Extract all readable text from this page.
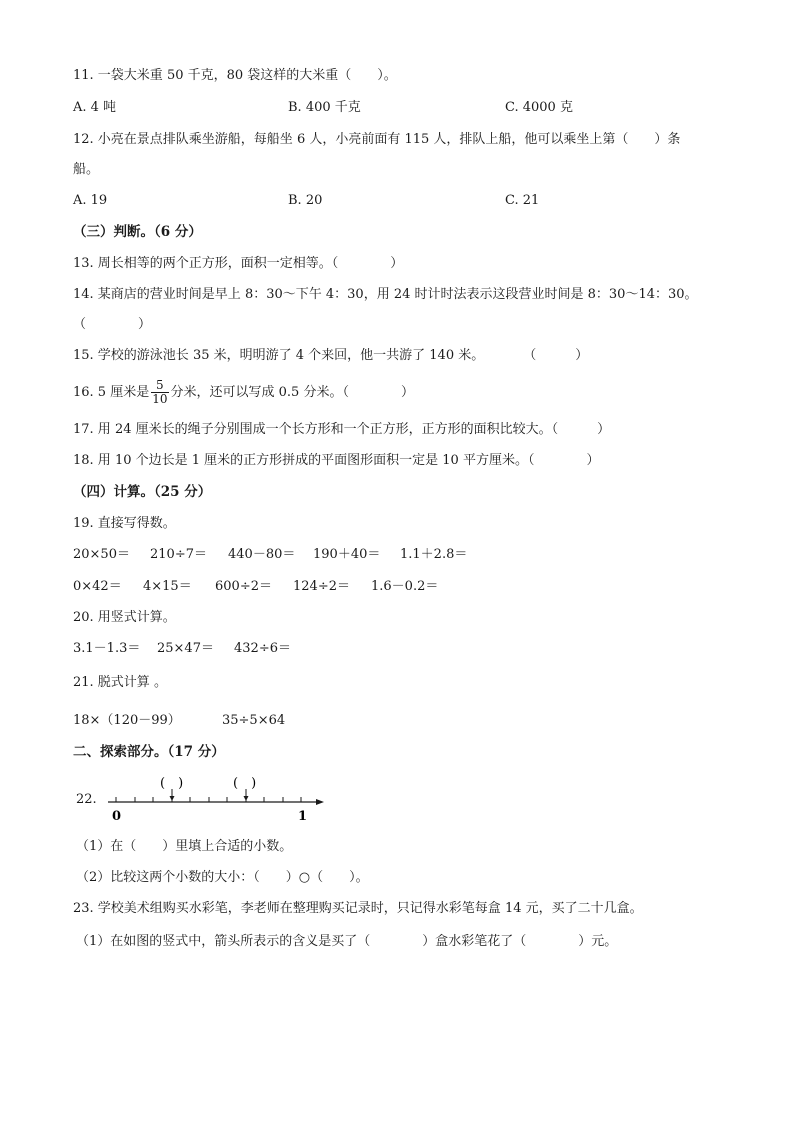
11. 一袋大米重 50 千克，80 袋这样的大米重（　　）。
A. 4 吨	B. 400 千克	C. 4000 克
12. 小亮在景点排队乘坐游船，每船坐 6 人，小亮前面有 115 人，排队上船，他可以乘坐上第（　　）条
船。
A. 19	B. 20	C. 21
（三）判断。（6 分）
13. 周长相等的两个正方形，面积一定相等。（　　　　）
14. 某商店的营业时间是早上 8：30～下午 4：30，用 24 时计时法表示这段营业时间是 8：30～14：30。
（　　　　）
15. 学校的游泳池长 35 米，明明游了 4 个来回，他一共游了 140 米。　　　　（　　　）
16. 5 厘米是 $\frac{5}{10}$ 分米，还可以写成 0.5 分米。（　　　　）
17. 用 24 厘米长的绳子分别围成一个长方形和一个正方形，正方形的面积比较大。（　　　）
18. 用 10 个边长是 1 厘米的正方形拼成的平面图形面积一定是 10 平方厘米。（　　　　）
（四）计算。（25 分）
19. 直接写得数。
20×50＝ 210÷7＝ 440－80＝ 190＋40＝ 1.1＋2.8＝
0×42＝ 4×15＝ 600÷2＝ 124÷2＝ 1.6－0.2＝
20. 用竖式计算。
3.1－1.3＝ 25×47＝ 432÷6＝
21. 脱式计算 。
18×（120－99）	35÷5×64
二、探索部分。（17 分）
22.
(　)	(　)
0	1
（1）在（　　）里填上合适的小数。
（2）比较这两个小数的大小：（　　）○（　　）。
23. 学校美术组购买水彩笔，李老师在整理购买记录时，只记得水彩笔每盒 14 元，买了二十几盒。
（1）在如图的竖式中，箭头所表示的含义是买了（　　　　）盒水彩笔花了（　　　　）元。
